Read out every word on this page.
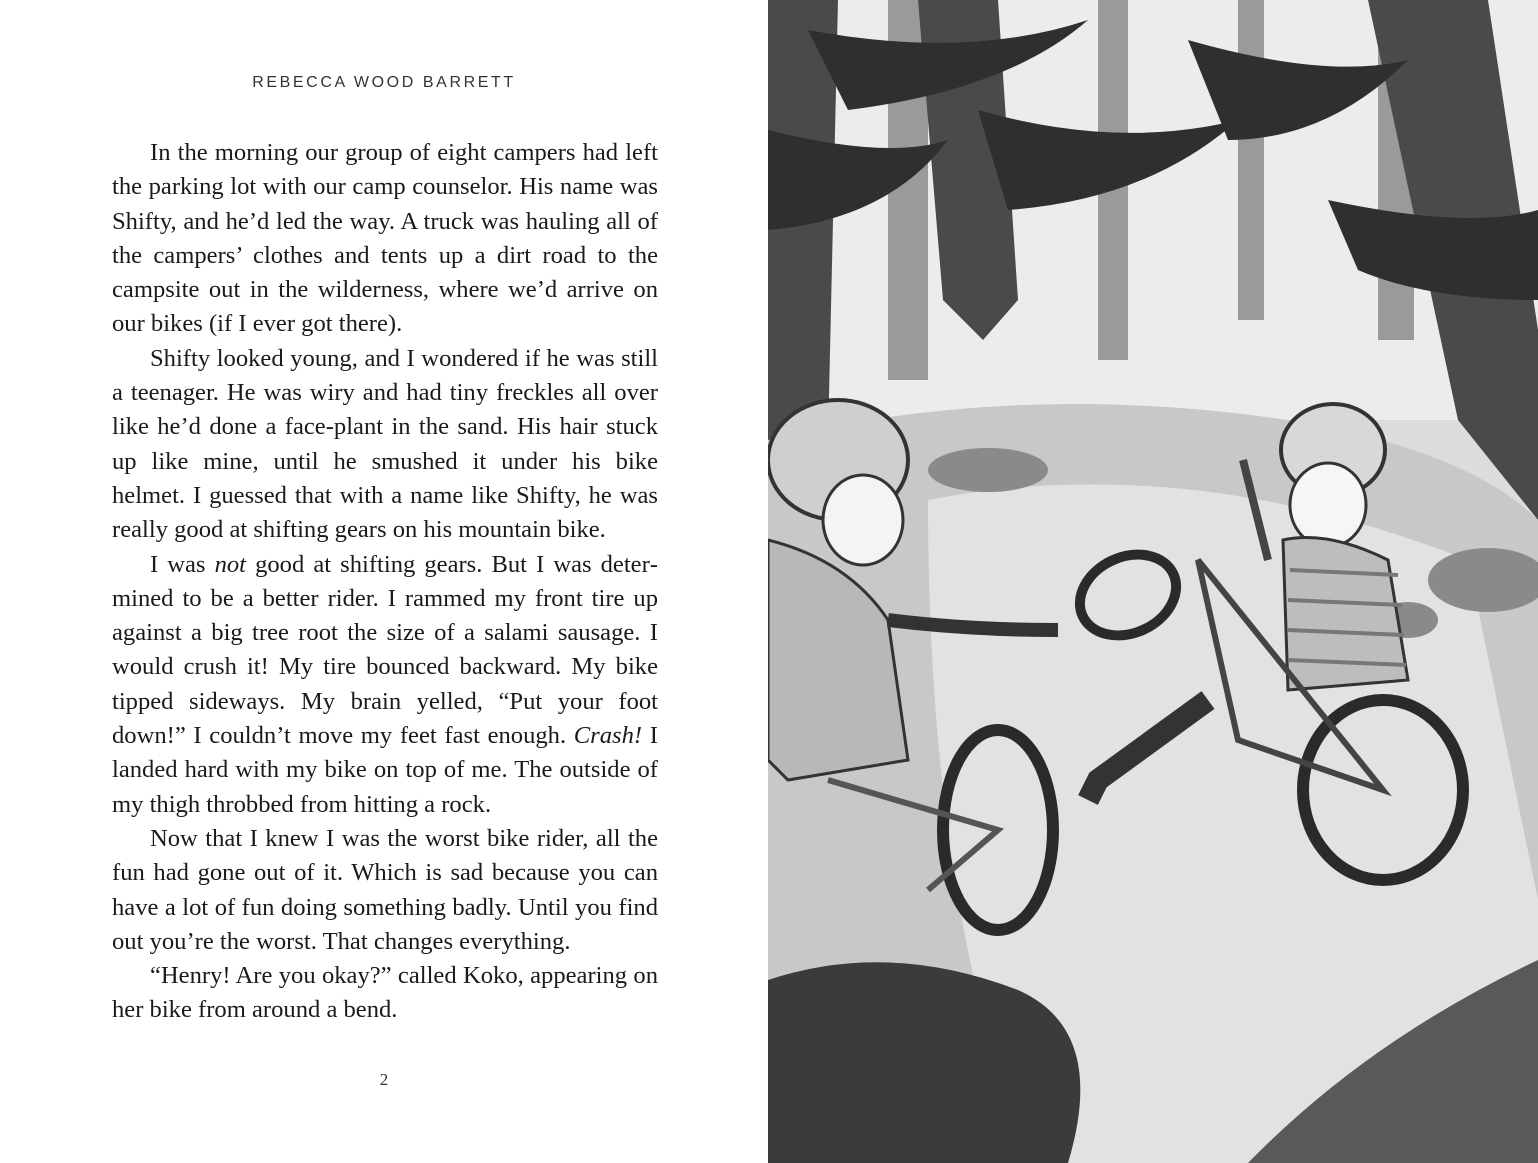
REBECCA WOOD BARRETT

In the morning our group of eight campers had left the parking lot with our camp counselor. His name was Shifty, and he’d led the way. A truck was hauling all of the campers’ clothes and tents up a dirt road to the campsite out in the wilderness, where we’d arrive on our bikes (if I ever got there).

Shifty looked young, and I wondered if he was still a teenager. He was wiry and had tiny freckles all over like he’d done a face-plant in the sand. His hair stuck up like mine, until he smushed it under his bike helmet. I guessed that with a name like Shifty, he was really good at shifting gears on his mountain bike.

I was not good at shifting gears. But I was determined to be a better rider. I rammed my front tire up against a big tree root the size of a salami sausage. I would crush it! My tire bounced backward. My bike tipped sideways. My brain yelled, “Put your foot down!” I couldn’t move my feet fast enough. Crash! I landed hard with my bike on top of me. The outside of my thigh throbbed from hitting a rock.

Now that I knew I was the worst bike rider, all the fun had gone out of it. Which is sad because you can have a lot of fun doing something badly. Until you find out you’re the worst. That changes everything.

“Henry! Are you okay?” called Koko, appearing on her bike from around a bend.

2
